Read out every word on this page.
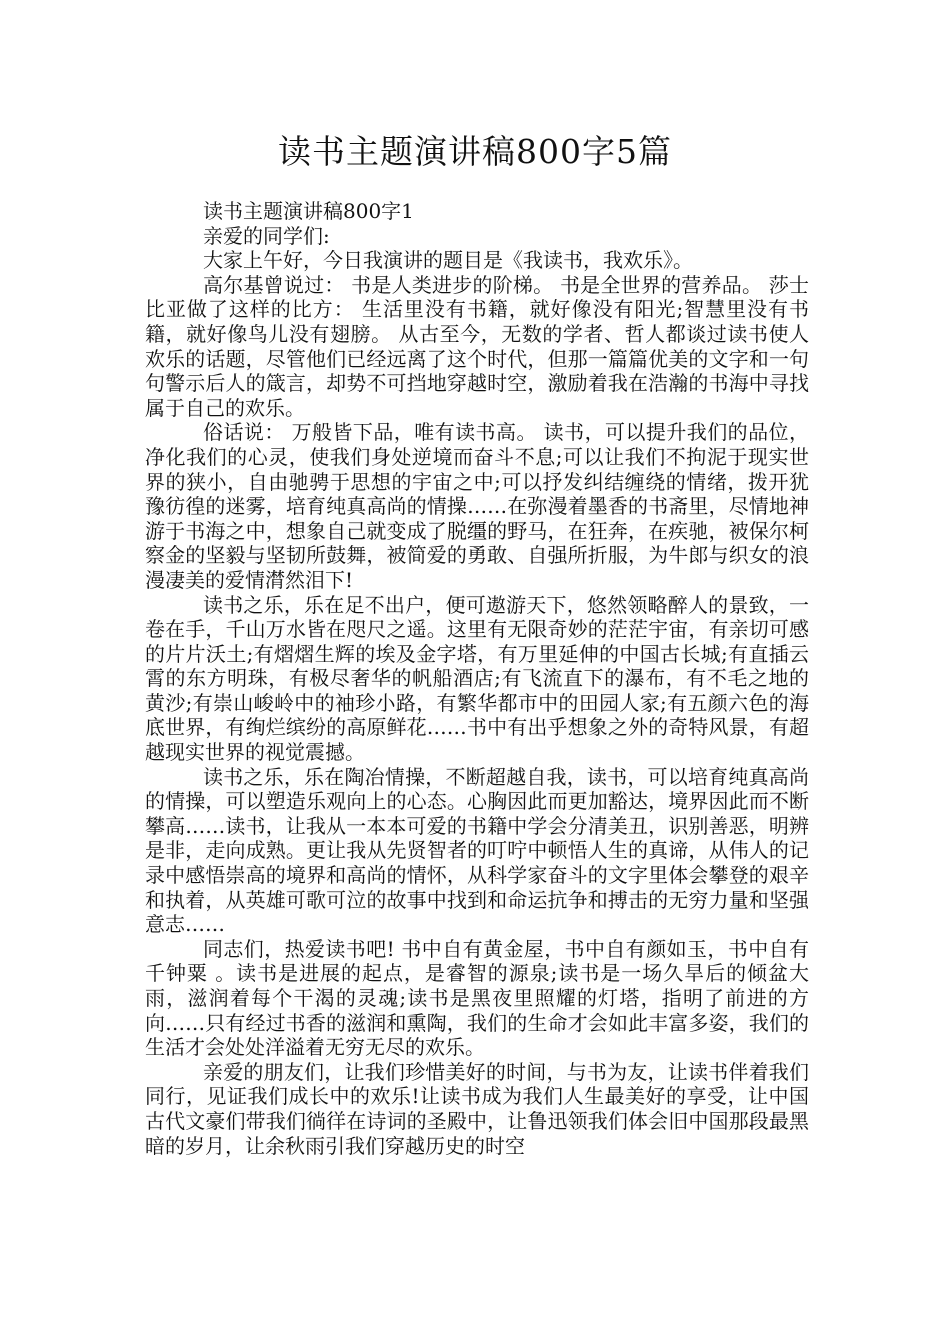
读书主题演讲稿800字5篇

读书主题演讲稿800字1

亲爱的同学们:

大家上午好，今日我演讲的题目是《我读书，我欢乐》。

高尔基曾说过： 书是人类进步的阶梯。 书是全世界的营养品。 莎士比亚做了这样的比方： 生活里没有书籍，就好像没有阳光;智慧里没有书籍，就好像鸟儿没有翅膀。 从古至今，无数的学者、哲人都谈过读书使人欢乐的话题，尽管他们已经远离了这个时代，但那一篇篇优美的文字和一句句警示后人的箴言，却势不可挡地穿越时空，激励着我在浩瀚的书海中寻找属于自己的欢乐。

俗话说： 万般皆下品，唯有读书高。 读书，可以提升我们的品位，净化我们的心灵，使我们身处逆境而奋斗不息;可以让我们不拘泥于现实世界的狭小，自由驰骋于思想的宇宙之中;可以抒发纠结缠绕的情绪，拨开犹豫彷徨的迷雾，培育纯真高尚的情操……在弥漫着墨香的书斋里，尽情地神游于书海之中，想象自己就变成了脱缰的野马，在狂奔，在疾驰，被保尔柯察金的坚毅与坚韧所鼓舞，被简爱的勇敢、自强所折服，为牛郎与织女的浪漫凄美的爱情潸然泪下!

读书之乐，乐在足不出户，便可遨游天下，悠然领略醉人的景致，一卷在手，千山万水皆在咫尺之遥。这里有无限奇妙的茫茫宇宙，有亲切可感的片片沃土;有熠熠生辉的埃及金字塔，有万里延伸的中国古长城;有直插云霄的东方明珠，有极尽奢华的帆船酒店;有飞流直下的瀑布，有不毛之地的黄沙;有崇山峻岭中的袖珍小路，有繁华都市中的田园人家;有五颜六色的海底世界，有绚烂缤纷的高原鲜花……书中有出乎想象之外的奇特风景，有超越现实世界的视觉震撼。

读书之乐，乐在陶冶情操，不断超越自我，读书，可以培育纯真高尚的情操，可以塑造乐观向上的心态。心胸因此而更加豁达，境界因此而不断攀高……读书，让我从一本本可爱的书籍中学会分清美丑，识别善恶，明辨是非，走向成熟。更让我从先贤智者的叮咛中顿悟人生的真谛，从伟人的记录中感悟崇高的境界和高尚的情怀，从科学家奋斗的文字里体会攀登的艰辛和执着，从英雄可歌可泣的故事中找到和命运抗争和搏击的无穷力量和坚强意志……

同志们，热爱读书吧! 书中自有黄金屋，书中自有颜如玉，书中自有千钟粟 。读书是进展的起点，是睿智的源泉;读书是一场久旱后的倾盆大雨，滋润着每个干渴的灵魂;读书是黑夜里照耀的灯塔，指明了前进的方向……只有经过书香的滋润和熏陶，我们的生命才会如此丰富多姿，我们的生活才会处处洋溢着无穷无尽的欢乐。

亲爱的朋友们，让我们珍惜美好的时间，与书为友，让读书伴着我们同行，见证我们成长中的欢乐!让读书成为我们人生最美好的享受，让中国古代文豪们带我们徜徉在诗词的圣殿中，让鲁迅领我们体会旧中国那段最黑暗的岁月，让余秋雨引我们穿越历史的时空
